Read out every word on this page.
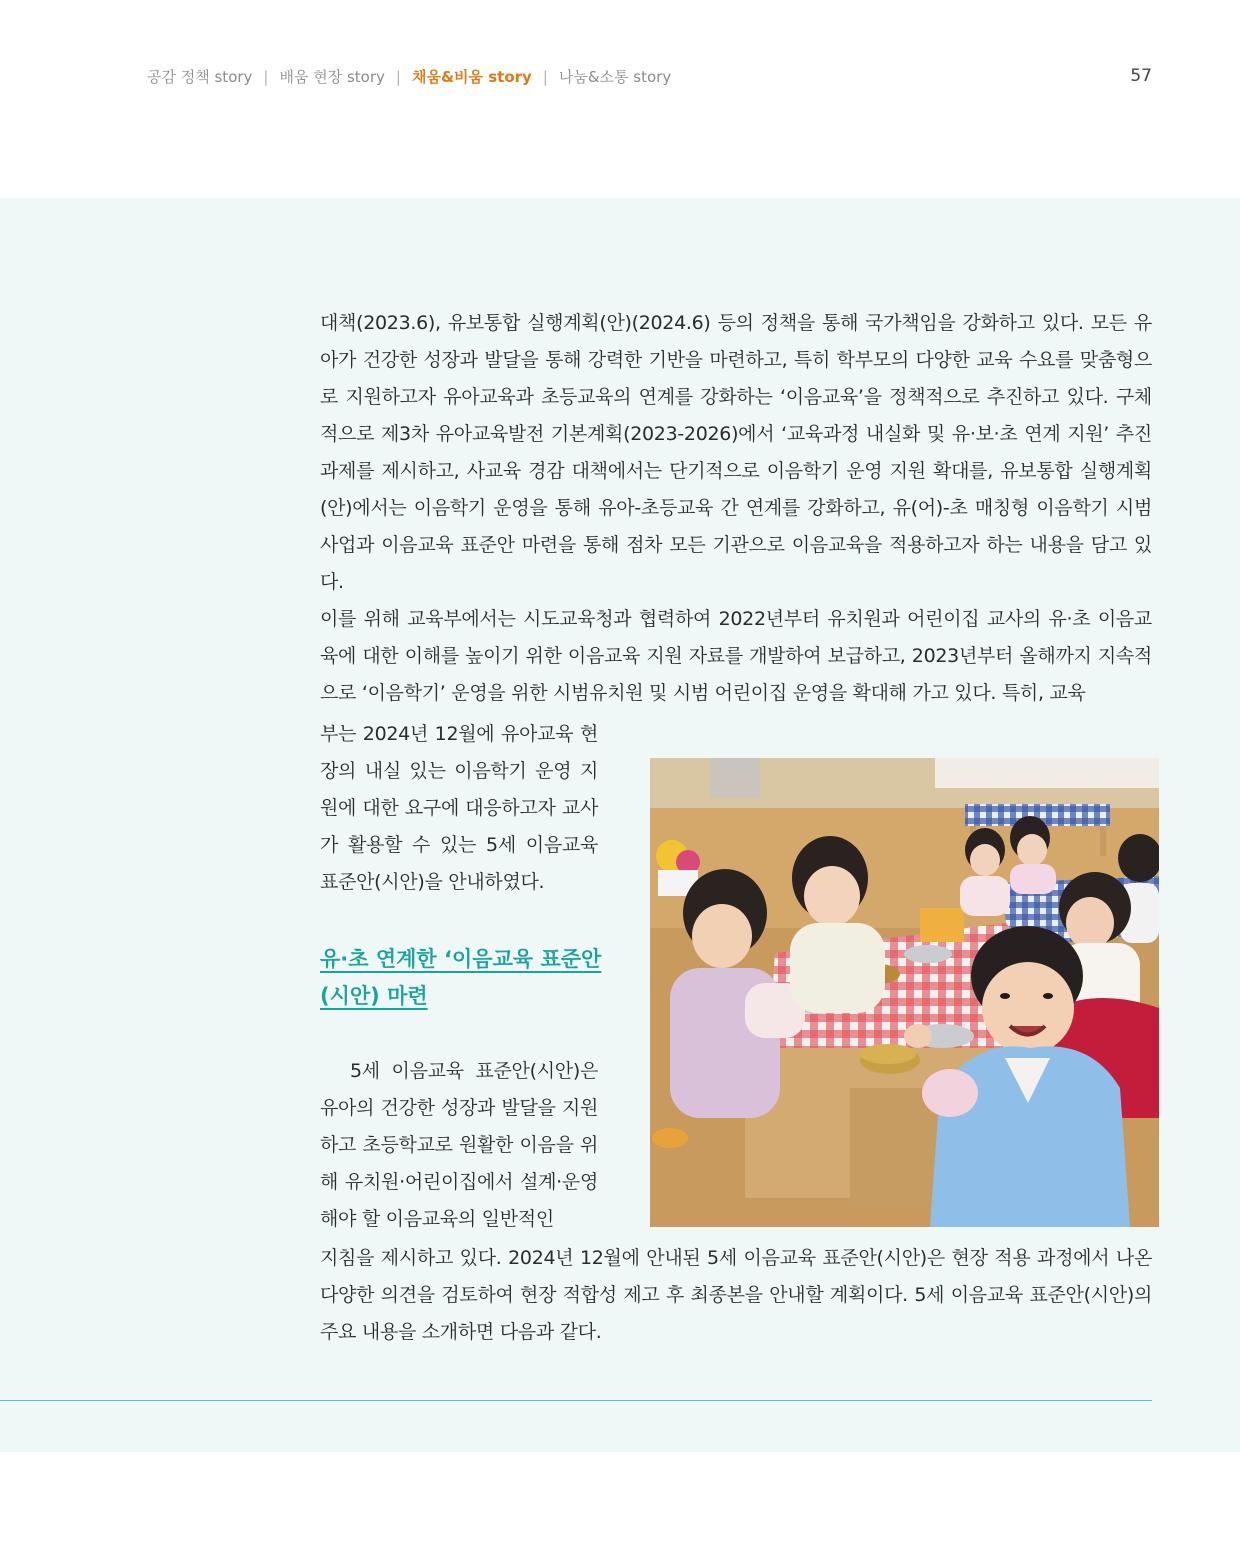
공감 정책 story | 배움 현장 story | 채움&비움 story | 나눔&소통 story	57

대책(2023.6), 유보통합 실행계획(안)(2024.6) 등의 정책을 통해 국가책임을 강화하고 있다. 모든 유아가 건강한 성장과 발달을 통해 강력한 기반을 마련하고, 특히 학부모의 다양한 교육 수요를 맞춤형으로 지원하고자 유아교육과 초등교육의 연계를 강화하는 ‘이음교육’을 정책적으로 추진하고 있다. 구체적으로 제3차 유아교육발전 기본계획(2023-2026)에서 ‘교육과정 내실화 및 유·보·초 연계 지원’ 추진 과제를 제시하고, 사교육 경감 대책에서는 단기적으로 이음학기 운영 지원 확대를, 유보통합 실행계획(안)에서는 이음학기 운영을 통해 유아-초등교육 간 연계를 강화하고, 유(어)-초 매칭형 이음학기 시범사업과 이음교육 표준안 마련을 통해 점차 모든 기관으로 이음교육을 적용하고자 하는 내용을 담고 있다.

이를 위해 교육부에서는 시도교육청과 협력하여 2022년부터 유치원과 어린이집 교사의 유·초 이음교육에 대한 이해를 높이기 위한 이음교육 지원 자료를 개발하여 보급하고, 2023년부터 올해까지 지속적으로 ‘이음학기’ 운영을 위한 시범유치원 및 시범 어린이집 운영을 확대해 가고 있다. 특히, 교육

부는 2024년 12월에 유아교육 현장의 내실 있는 이음학기 운영 지원에 대한 요구에 대응하고자 교사가 활용할 수 있는 5세 이음교육 표준안(시안)을 안내하였다.

유·초 연계한 ‘이음교육 표준안
(시안) 마련

5세 이음교육 표준안(시안)은 유아의 건강한 성장과 발달을 지원하고 초등학교로 원활한 이음을 위해 유치원·어린이집에서 설계·운영해야 할 이음교육의 일반적인

지침을 제시하고 있다. 2024년 12월에 안내된 5세 이음교육 표준안(시안)은 현장 적용 과정에서 나온 다양한 의견을 검토하여 현장 적합성 제고 후 최종본을 안내할 계획이다. 5세 이음교육 표준안(시안)의 주요 내용을 소개하면 다음과 같다.
